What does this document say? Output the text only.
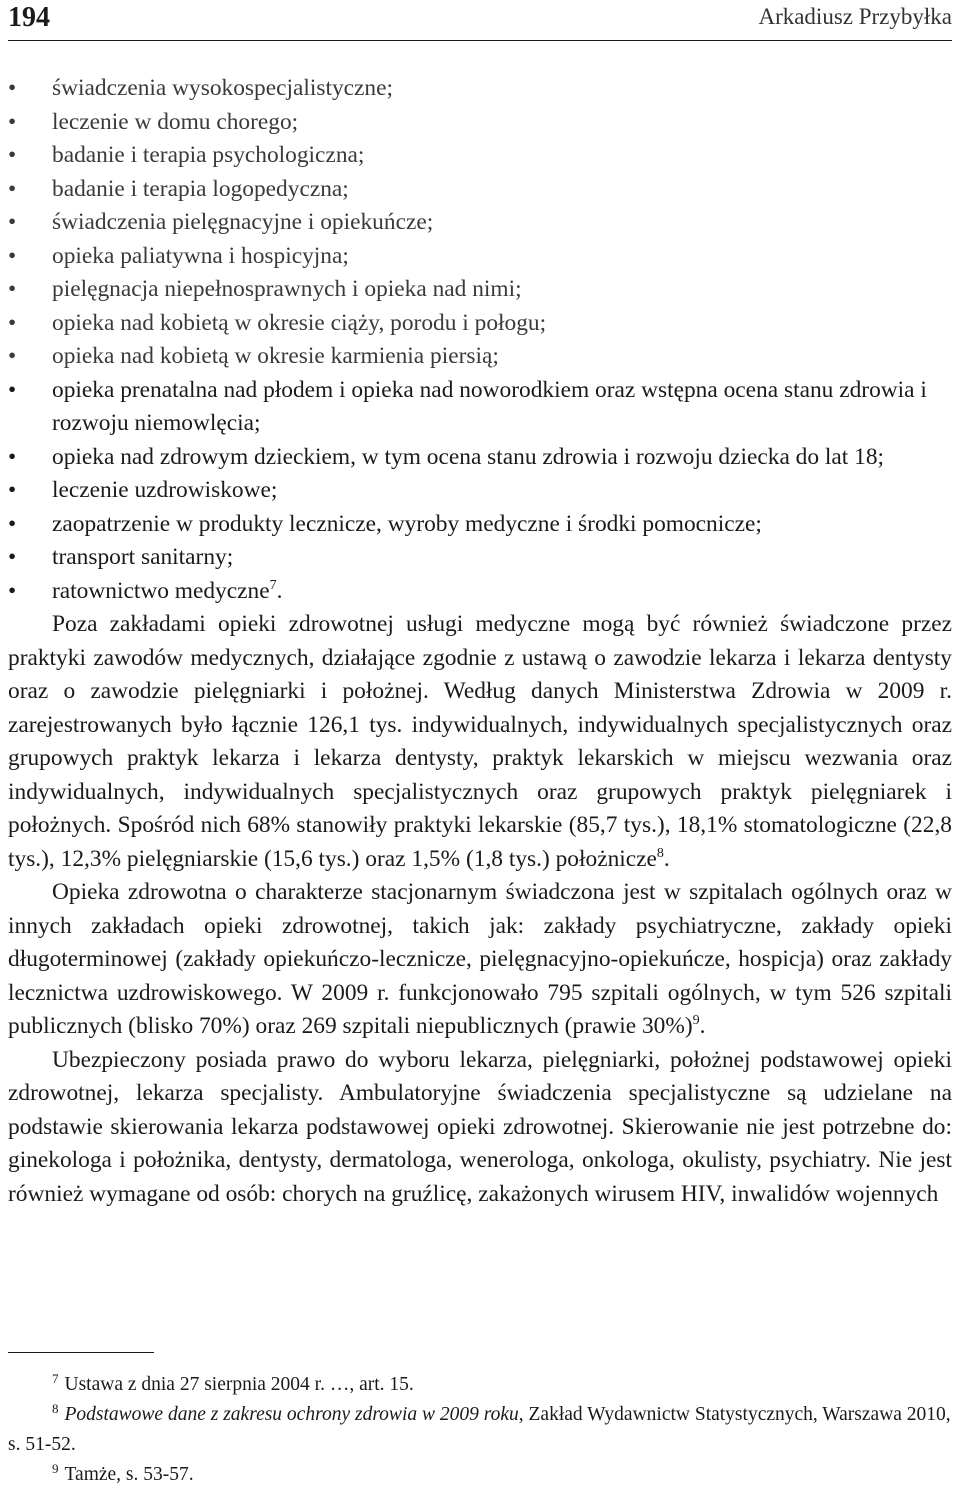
194	Arkadiusz Przybyłka
• świadczenia wysokospecjalistyczne;
• leczenie w domu chorego;
• badanie i terapia psychologiczna;
• badanie i terapia logopedyczna;
• świadczenia pielęgnacyjne i opiekuńcze;
• opieka paliatywna i hospicyjna;
• pielęgnacja niepełnosprawnych i opieka nad nimi;
• opieka nad kobietą w okresie ciąży, porodu i połogu;
• opieka nad kobietą w okresie karmienia piersią;
• opieka prenatalna nad płodem i opieka nad noworodkiem oraz wstępna ocena stanu zdrowia i rozwoju niemowlęcia;
• opieka nad zdrowym dzieckiem, w tym ocena stanu zdrowia i rozwoju dziecka do lat 18;
• leczenie uzdrowiskowe;
• zaopatrzenie w produkty lecznicze, wyroby medyczne i środki pomocnicze;
• transport sanitarny;
• ratownictwo medyczne$^7$.

Poza zakładami opieki zdrowotnej usługi medyczne mogą być również świadczone przez praktyki zawodów medycznych, działające zgodnie z ustawą o zawodzie lekarza i lekarza dentysty oraz o zawodzie pielęgniarki i położnej. Według danych Ministerstwa Zdrowia w 2009 r. zarejestrowanych było łącznie 126,1 tys. indywidualnych, indywidualnych specjalistycznych oraz grupowych praktyk lekarza i lekarza dentysty, praktyk lekarskich w miejscu wezwania oraz indywidualnych, indywidualnych specjalistycznych oraz grupowych praktyk pielęgniarek i położnych. Spośród nich 68% stanowiły praktyki lekarskie (85,7 tys.), 18,1% stomatologiczne (22,8 tys.), 12,3% pielęgniarskie (15,6 tys.) oraz 1,5% (1,8 tys.) położnicze$^8$.

Opieka zdrowotna o charakterze stacjonarnym świadczona jest w szpitalach ogólnych oraz w innych zakładach opieki zdrowotnej, takich jak: zakłady psychiatryczne, zakłady opieki długoterminowej (zakłady opiekuńczo-lecznicze, pielęgnacyjno-opiekuńcze, hospicja) oraz zakłady lecznictwa uzdrowiskowego. W 2009 r. funkcjonowało 795 szpitali ogólnych, w tym 526 szpitali publicznych (blisko 70%) oraz 269 szpitali niepublicznych (prawie 30%)$^9$.

Ubezpieczony posiada prawo do wyboru lekarza, pielęgniarki, położnej podstawowej opieki zdrowotnej, lekarza specjalisty. Ambulatoryjne świadczenia specjalistyczne są udzielane na podstawie skierowania lekarza podstawowej opieki zdrowotnej. Skierowanie nie jest potrzebne do: ginekologa i położnika, dentysty, dermatologa, wenerologa, onkologa, okulisty, psychiatry. Nie jest również wymagane od osób: chorych na gruźlicę, zakażonych wirusem HIV, inwalidów wojennych

$^7$ Ustawa z dnia 27 sierpnia 2004 r. …, art. 15.

$^8$ Podstawowe dane z zakresu ochrony zdrowia w 2009 roku, Zakład Wydawnictw Statystycznych, Warszawa 2010, s. 51-52.

$^9$ Tamże, s. 53-57.
